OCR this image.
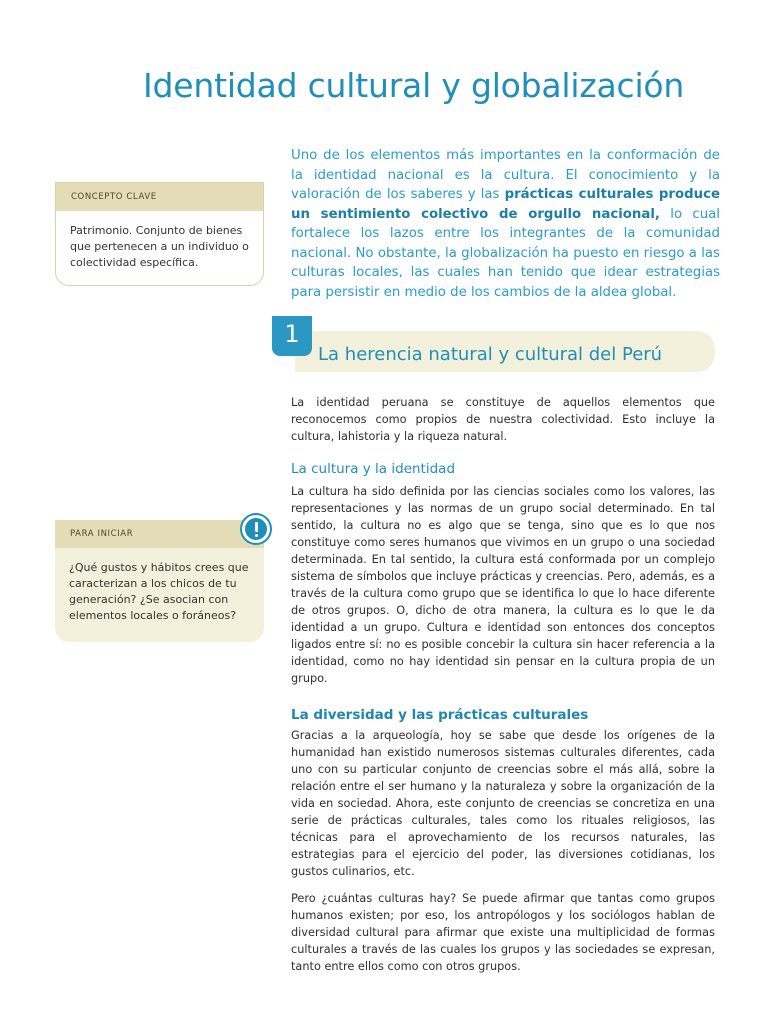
Identidad cultural y globalización

Uno de los elementos más importantes en la conformación de la identidad nacional es la cultura. El conocimiento y la valoración de los saberes y las prácticas culturales produce un sentimiento colectivo de orgullo nacional, lo cual fortalece los lazos entre los integrantes de la comunidad nacional. No obstante, la globalización ha puesto en riesgo a las culturas locales, las cuales han tenido que idear estrategias para persistir en medio de los cambios de la aldea global.

CONCEPTO CLAVE
Patrimonio. Conjunto de bienes que pertenecen a un individuo o colectividad específica.
PARA INICIAR
¿Qué gustos y hábitos crees que caracterizan a los chicos de tu generación? ¿Se asocian con elementos locales o foráneos?
1
La herencia natural y cultural del Perú

La identidad peruana se constituye de aquellos elementos que reconocemos como propios de nuestra colectividad. Esto incluye la cultura, lahistoria y la riqueza natural.

La cultura y la identidad

La cultura ha sido definida por las ciencias sociales como los valores, las representaciones y las normas de un grupo social determinado. En tal sentido, la cultura no es algo que se tenga, sino que es lo que nos constituye como seres humanos que vivimos en un grupo o una sociedad determinada. En tal sentido, la cultura está conformada por un complejo sistema de símbolos que incluye prácticas y creencias. Pero, además, es a través de la cultura como grupo que se identifica lo que lo hace diferente de otros grupos. O, dicho de otra manera, la cultura es lo que le da identidad a un grupo. Cultura e identidad son entonces dos conceptos ligados entre sí: no es posible concebir la cultura sin hacer referencia a la identidad, como no hay identidad sin pensar en la cultura propia de un grupo.

La diversidad y las prácticas culturales

Gracias a la arqueología, hoy se sabe que desde los orígenes de la humanidad han existido numerosos sistemas culturales diferentes, cada uno con su particular conjunto de creencias sobre el más allá, sobre la relación entre el ser humano y la naturaleza y sobre la organización de la vida en sociedad. Ahora, este conjunto de creencias se concretiza en una serie de prácticas culturales, tales como los rituales religiosos, las técnicas para el aprovechamiento de los recursos naturales, las estrategias para el ejercicio del poder, las diversiones cotidianas, los gustos culinarios, etc.

Pero ¿cuántas culturas hay? Se puede afirmar que tantas como grupos humanos existen; por eso, los antropólogos y los sociólogos hablan de diversidad cultural para afirmar que existe una multiplicidad de formas culturales a través de las cuales los grupos y las sociedades se expresan, tanto entre ellos como con otros grupos.
